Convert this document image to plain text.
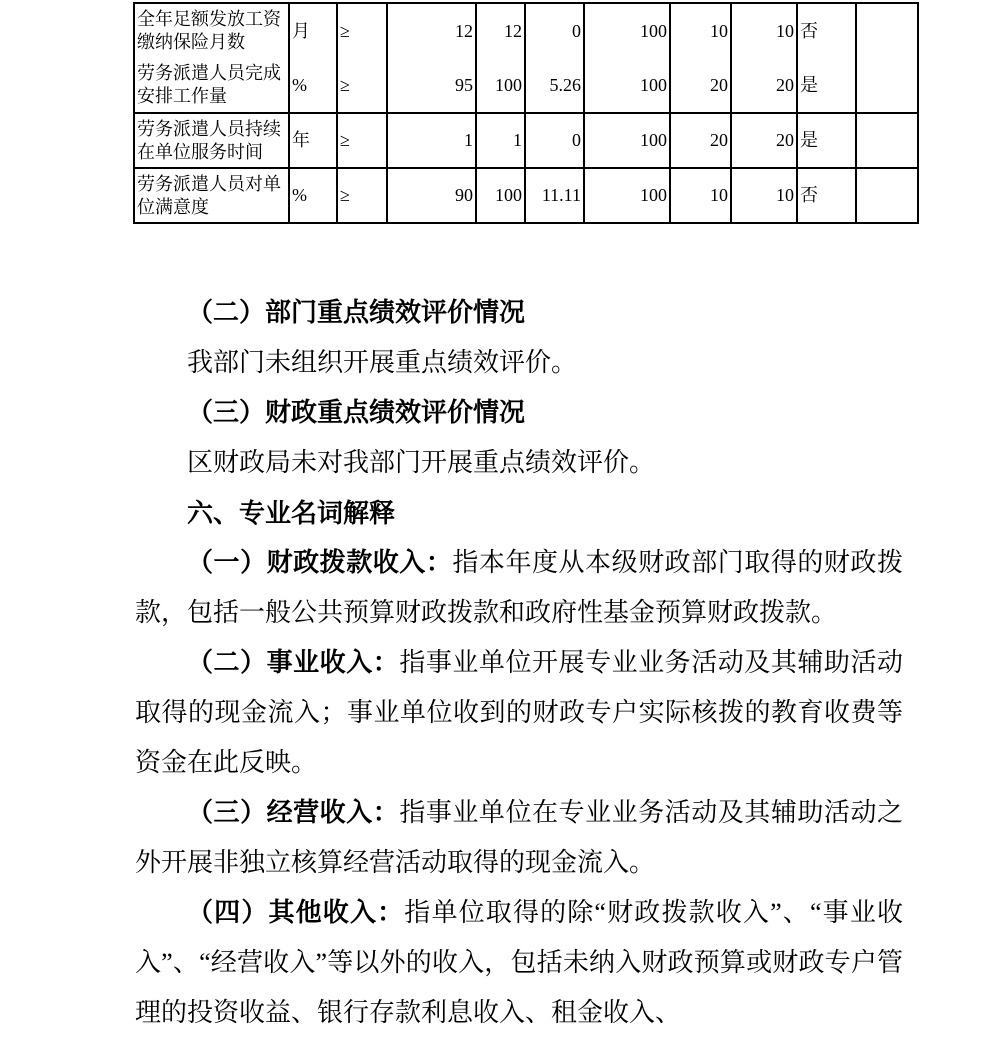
全年足额发放工资缴纳保险月数	月	≥	12	12	0	100	10	10	否	
劳务派遣人员完成安排工作量	%	≥	95	100	5.26	100	20	20	是	
劳务派遣人员持续在单位服务时间	年	≥	1	1	0	100	20	20	是	
劳务派遣人员对单位满意度	%	≥	90	100	11.11	100	10	10	否	

（二）部门重点绩效评价情况

我部门未组织开展重点绩效评价。

（三）财政重点绩效评价情况

区财政局未对我部门开展重点绩效评价。

六、专业名词解释

（一）财政拨款收入：指本年度从本级财政部门取得的财政拨款，包括一般公共预算财政拨款和政府性基金预算财政拨款。

（二）事业收入：指事业单位开展专业业务活动及其辅助活动取得的现金流入；事业单位收到的财政专户实际核拨的教育收费等资金在此反映。

（三）经营收入：指事业单位在专业业务活动及其辅助活动之外开展非独立核算经营活动取得的现金流入。

（四）其他收入：指单位取得的除“财政拨款收入”、“事业收入”、“经营收入”等以外的收入，包括未纳入财政预算或财政专户管理的投资收益、银行存款利息收入、租金收入、
